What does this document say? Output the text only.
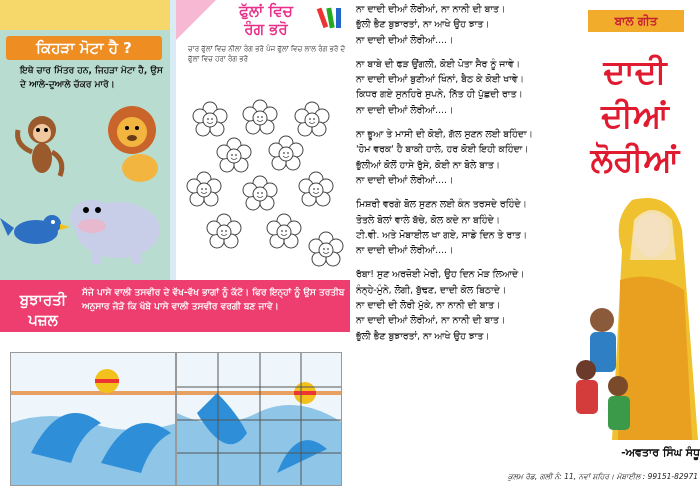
ਕਿਹੜਾ ਮੋਟਾ ਹੈ ?
ਇਥੇ ਚਾਰ ਮਿੱਤਰ ਹਨ, ਜਿਹੜਾ ਮੋਟਾ ਹੈ, ਉਸ ਦੇ ਆਲੇ-ਦੁਆਲੇ ਚੱਕਰ ਮਾਰੋ।
ਫੁੱਲਾਂ ਵਿਚ
ਰੰਗ ਭਰੋ
ਚਾਰ ਫੁੱਲਾਂ ਵਿਚ ਨੀਲਾ ਰੰਗ ਭਰੋ ਪੰਜ ਫੁੱਲਾਂ ਵਿਚ ਲਾਲ ਰੰਗ ਭਰੋ ਦੋ ਫੁੱਲਾਂ ਵਿਚ ਹਰਾ ਰੰਗ ਭਰੋ
ਬੁਝਾਰਤੀ
ਪਜ਼ਲ
ਸੱਜੇ ਪਾਸੇ ਵਾਲੀ ਤਸਵੀਰ ਦੇ ਵੱਖ-ਵੱਖ ਭਾਗਾਂ ਨੂੰ ਕੱਟੋ। ਫਿਰ ਇਨ੍ਹਾਂ ਨੂੰ ਉਸ ਤਰਤੀਬ ਅਨੁਸਾਰ ਜੋੜੋ ਕਿ ਖੱਬੇ ਪਾਸੇ ਵਾਲੀ ਤਸਵੀਰ ਵਰਗੀ ਬਣ ਜਾਵੇ।
ਨਾ ਦਾਦੀ ਦੀਆਂ ਲੋਰੀਆਂ, ਨਾ ਨਾਨੀ ਦੀ ਬਾਤ।
ਭੁੱਲੀ ਭੈਣ ਬੁਝਾਰਤਾਂ, ਨਾ ਆਖੇ ਉਹ ਝਾਤ।
ਨਾ ਦਾਦੀ ਦੀਆਂ ਲੋਰੀਆਂ....।
ਨਾ ਬਾਬੇ ਦੀ ਫੜ ਉਂਗਲੀ, ਕੋਈ ਪੋਤਾ ਸੈਰ ਨੂੰ ਜਾਵੇ।
ਨਾ ਦਾਦੀ ਦੀਆਂ ਬੁਣੀਆਂ ਖਿੰਨਾਂ, ਬੈਠ ਕੇ ਕੋਈ ਖਾਵੇ।
ਕਿਧਰ ਗਏ ਸੁਨਹਿਰੇ ਸੁਪਨੇ, ਨਿੱਤ ਹੀ ਪੁੱਛਦੀ ਰਾਤ।
ਨਾ ਦਾਦੀ ਦੀਆਂ ਲੋਰੀਆਂ....।
ਨਾ ਭੂਆ ਤੇ ਮਾਸੀ ਦੀ ਕੋਈ, ਗੱਲ ਸੁਣਨ ਲਈ ਬਹਿੰਦਾ।
'ਹੋਮ ਵਰਕ' ਹੈ ਬਾਕੀ ਹਾਲੇ, ਹਰ ਕੋਈ ਇਹੀ ਕਹਿੰਦਾ।
ਭੁੱਲੀਆਂ ਕੋਲੋਂ ਹਾਸੇ ਰੁੱਸੇ, ਕੋਈ ਨਾ ਬੋਲੇ ਬਾਤ।
ਨਾ ਦਾਦੀ ਦੀਆਂ ਲੋਰੀਆਂ....।
ਮਿਸ਼ਰੀ ਵਰਗੇ ਬੋਲ ਸੁਣਨ ਲਈ ਕੰਨ ਤਰਸਦੇ ਰਹਿੰਦੇ।
ਤੋਤਲੇ ਬੋਲਾਂ ਵਾਲੇ ਬੱਚੇ, ਕੋਲ ਕਦੇ ਨਾ ਬਹਿੰਦੇ।
ਟੀ.ਵੀ. ਅਤੇ ਮੋਬਾਈਲ ਖਾ ਗਏ, ਸਾਡੇ ਦਿਨ ਤੇ ਰਾਤ।
ਨਾ ਦਾਦੀ ਦੀਆਂ ਲੋਰੀਆਂ....।
ਰੱਬਾ! ਸੁਣ ਅਰਜ਼ੋਈ ਮੇਰੀ, ਉਹ ਦਿਨ ਮੋੜ ਲਿਆਦੇ।
ਨੰਨ੍ਹੇ-ਮੁੰਨੇ, ਲੋਗੀ, ਬੁੱਢਣ, ਦਾਦੀ ਕੋਲ ਬਿਠਾਦੇ।
ਨਾ ਦਾਦੀ ਦੀ ਲੋਰੀ ਮੁੱਕੇ, ਨਾ ਨਾਨੀ ਦੀ ਬਾਤ।
ਨਾ ਦਾਦੀ ਦੀਆਂ ਲੋਰੀਆਂ, ਨਾ ਨਾਨੀ ਦੀ ਬਾਤ।
ਭੁੱਲੀ ਭੈਣ ਬੁਝਾਰਤਾਂ, ਨਾ ਆਖੇ ਉਹ ਝਾਤ।
ਬਾਲ ਗੀਤ
ਦਾਦੀ
ਦੀਆਂ
ਲੋਰੀਆਂ
-ਅਵਤਾਰ ਸਿੰਘ ਸੰਧੂ
ਕੁਲਮ ਰੋਡ, ਗਲੀ ਨੰ: 11, ਨਵਾਂ ਸ਼ਹਿਰ। ਮੋਬਾਈਲ : 99151-82971
